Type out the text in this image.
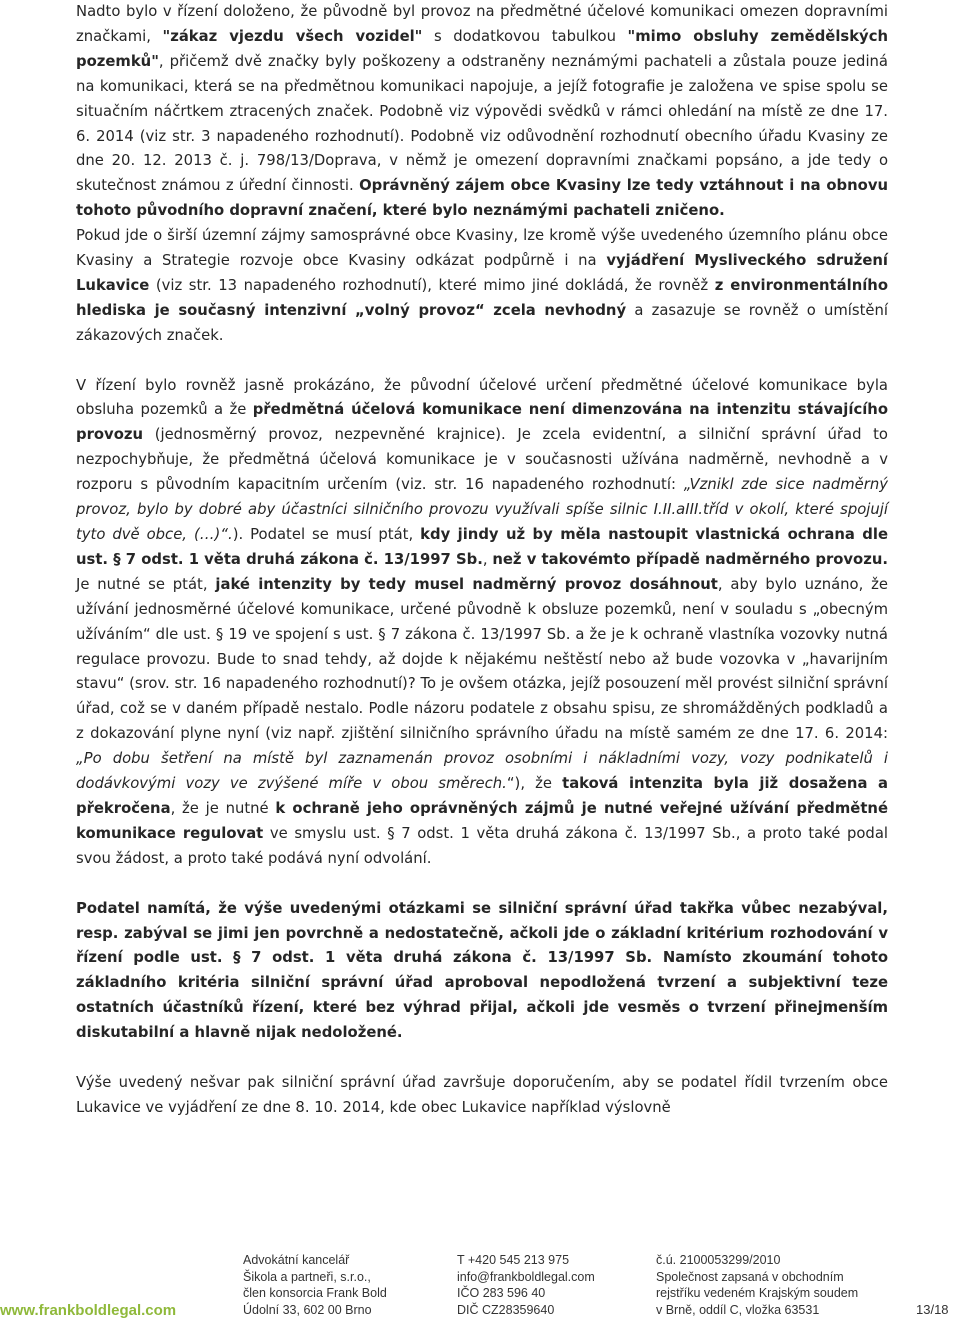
Nadto bylo v řízení doloženo, že původně byl provoz na předmětné účelové komunikaci omezen dopravními značkami, "zákaz vjezdu všech vozidel" s dodatkovou tabulkou "mimo obsluhy zemědělských pozemků", přičemž dvě značky byly poškozeny a odstraněny neznámými pachateli a zůstala pouze jediná na komunikaci, která se na předmětnou komunikaci napojuje, a jejíž fotografie je založena ve spise spolu se situačním náčrtkem ztracených značek. Podobně viz výpovědi svědků v rámci ohledání na místě ze dne 17. 6. 2014 (viz str. 3 napadeného rozhodnutí). Podobně viz odůvodnění rozhodnutí obecního úřadu Kvasiny ze dne 20. 12. 2013 č. j. 798/13/Doprava, v němž je omezení dopravními značkami popsáno, a jde tedy o skutečnost známou z úřední činnosti. Oprávněný zájem obce Kvasiny lze tedy vztáhnout i na obnovu tohoto původního dopravní značení, které bylo neznámými pachateli zničeno.

Pokud jde o širší územní zájmy samosprávné obce Kvasiny, lze kromě výše uvedeného územního plánu obce Kvasiny a Strategie rozvoje obce Kvasiny odkázat podpůrně i na vyjádření Mysliveckého sdružení Lukavice (viz str. 13 napadeného rozhodnutí), které mimo jiné dokládá, že rovněž z environmentálního hlediska je současný intenzivní „volný provoz“ zcela nevhodný a zasazuje se rovněž o umístění zákazových značek.

V řízení bylo rovněž jasně prokázáno, že původní účelové určení předmětné účelové komunikace byla obsluha pozemků a že předmětná účelová komunikace není dimenzována na intenzitu stávajícího provozu (jednosměrný provoz, nezpevněné krajnice). Je zcela evidentní, a silniční správní úřad to nezpochybňuje, že předmětná účelová komunikace je v současnosti užívána nadměrně, nevhodně a v rozporu s původním kapacitním určením (viz. str. 16 napadeného rozhodnutí: „Vznikl zde sice nadměrný provoz, bylo by dobré aby účastníci silničního provozu využívali spíše silnic I.II.aIII.tříd v okolí, které spojují tyto dvě obce, (…)“.). Podatel se musí ptát, kdy jindy už by měla nastoupit vlastnická ochrana dle ust. § 7 odst. 1 věta druhá zákona č. 13/1997 Sb., než v takovémto případě nadměrného provozu. Je nutné se ptát, jaké intenzity by tedy musel nadměrný provoz dosáhnout, aby bylo uznáno, že užívání jednosměrné účelové komunikace, určené původně k obsluze pozemků, není v souladu s „obecným užíváním“ dle ust. § 19 ve spojení s ust. § 7 zákona č. 13/1997 Sb. a že je k ochraně vlastníka vozovky nutná regulace provozu. Bude to snad tehdy, až dojde k nějakému neštěstí nebo až bude vozovka v „havarijním stavu“ (srov. str. 16 napadeného rozhodnutí)? To je ovšem otázka, jejíž posouzení měl provést silniční správní úřad, což se v daném případě nestalo. Podle názoru podatele z obsahu spisu, ze shromážděných podkladů a z dokazování plyne nyní (viz např. zjištění silničního správního úřadu na místě samém ze dne 17. 6. 2014: „Po dobu šetření na místě byl zaznamenán provoz osobními i nákladními vozy, vozy podnikatelů i dodávkovými vozy ve zvýšené míře v obou směrech.“), že taková intenzita byla již dosažena a překročena, že je nutné k ochraně jeho oprávněných zájmů je nutné veřejné užívání předmětné komunikace regulovat ve smyslu ust. § 7 odst. 1 věta druhá zákona č. 13/1997 Sb., a proto také podal svou žádost, a proto také podává nyní odvolání.

Podatel namítá, že výše uvedenými otázkami se silniční správní úřad takřka vůbec nezabýval, resp. zabýval se jimi jen povrchně a nedostatečně, ačkoli jde o základní kritérium rozhodování v řízení podle ust. § 7 odst. 1 věta druhá zákona č. 13/1997 Sb. Namísto zkoumání tohoto základního kritéria silniční správní úřad aproboval nepodložená tvrzení a subjektivní teze ostatních účastníků řízení, které bez výhrad přijal, ačkoli jde vesměs o tvrzení přinejmenším diskutabilní a hlavně nijak nedoložené.

Výše uvedený nešvar pak silniční správní úřad završuje doporučením, aby se podatel řídil tvrzením obce Lukavice ve vyjádření ze dne 8. 10. 2014, kde obec Lukavice například výslovně

www.frankboldlegal.com
Advokátní kancelář
Šikola a partneři, s.r.o.,
člen konsorcia Frank Bold
Údolní 33, 602 00 Brno
T +420 545 213 975
info@frankboldlegal.com
IČO 283 596 40
DIČ CZ28359640
č.ú. 2100053299/2010
Společnost zapsaná v obchodním
rejstříku vedeném Krajským soudem
v Brně, oddíl C, vložka 63531	13/18
